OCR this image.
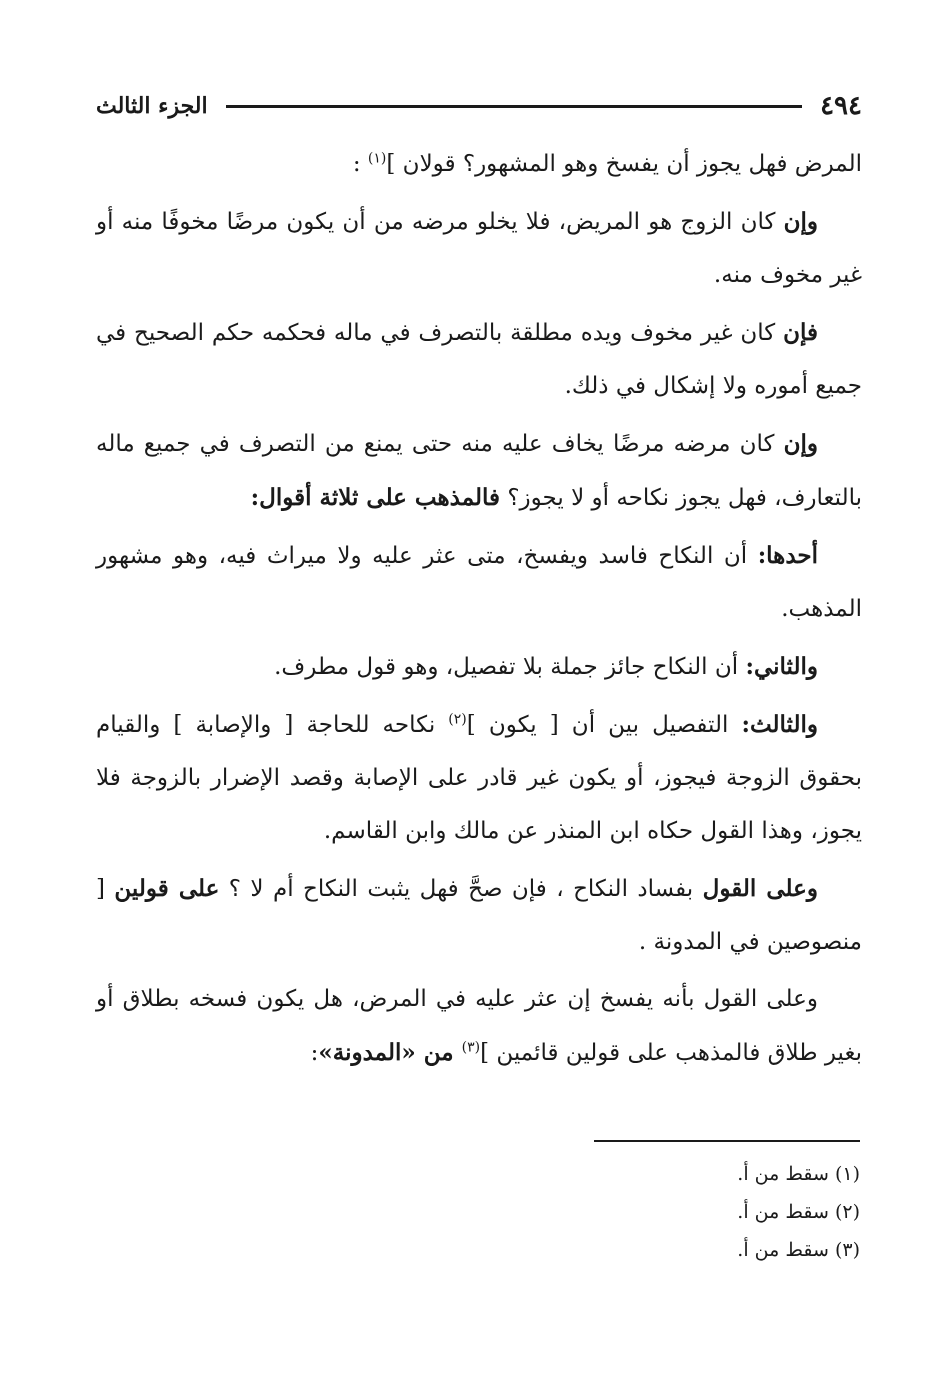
٤٩٤
الجزء الثالث

المرض فهل يجوز أن يفسخ وهو المشهور؟ قولان ]$^{(١)}$ :

وإن كان الزوج هو المريض، فلا يخلو مرضه من أن يكون مرضًا مخوفًا منه أو غير مخوف منه.

فإن كان غير مخوف ويده مطلقة بالتصرف في ماله فحكمه حكم الصحيح في جميع أموره ولا إشكال في ذلك.

وإن كان مرضه مرضًا يخاف عليه منه حتى يمنع من التصرف في جميع ماله بالتعارف، فهل يجوز نكاحه أو لا يجوز؟ فالمذهب على ثلاثة أقوال:

أحدها: أن النكاح فاسد ويفسخ، متى عثر عليه ولا ميراث فيه، وهو مشهور المذهب.

والثاني: أن النكاح جائز جملة بلا تفصيل، وهو قول مطرف.

والثالث: التفصيل بين أن [ يكون ]$^{(٢)}$ نكاحه للحاجة [ والإصابة ] والقيام بحقوق الزوجة فيجوز، أو يكون غير قادر على الإصابة وقصد الإضرار بالزوجة فلا يجوز، وهذا القول حكاه ابن المنذر عن مالك وابن القاسم.

وعلى القول بفساد النكاح ، فإن صحَّ فهل يثبت النكاح أم لا ؟ على قولين [ منصوصين في المدونة .

وعلى القول بأنه يفسخ إن عثر عليه في المرض، هل يكون فسخه بطلاق أو بغير طلاق فالمذهب على قولين قائمين ]$^{(٣)}$ من «المدونة»:

(١) سقط من أ.
(٢) سقط من أ.
(٣) سقط من أ.
